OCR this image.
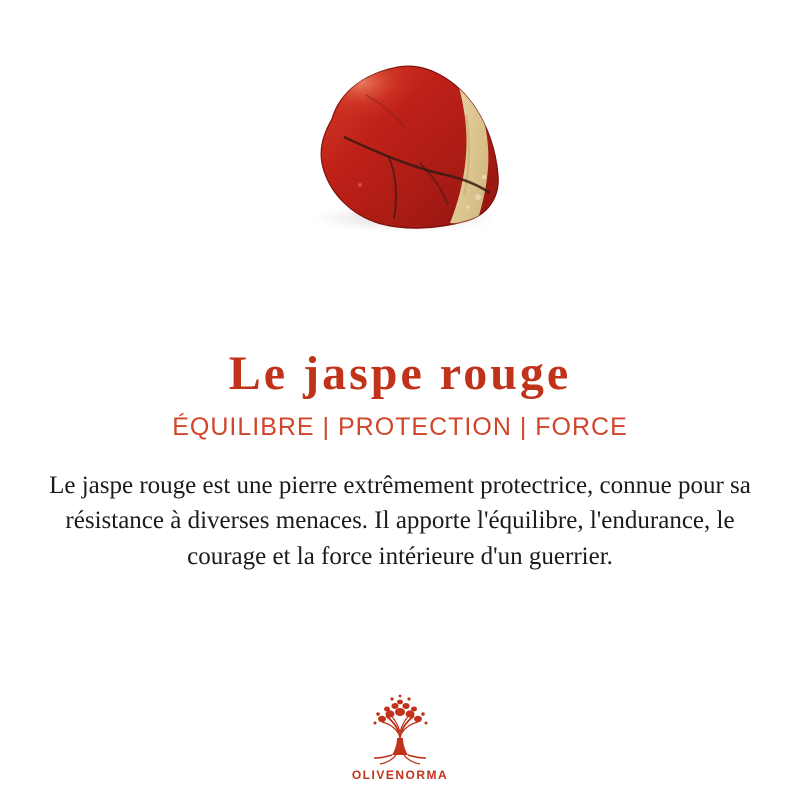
Le jaspe rouge
ÉQUILIBRE | PROTECTION | FORCE

Le jaspe rouge est une pierre extrêmement protectrice, connue pour sa résistance à diverses menaces. Il apporte l'équilibre, l'endurance, le courage et la force intérieure d'un guerrier.

OLIVENORMA
